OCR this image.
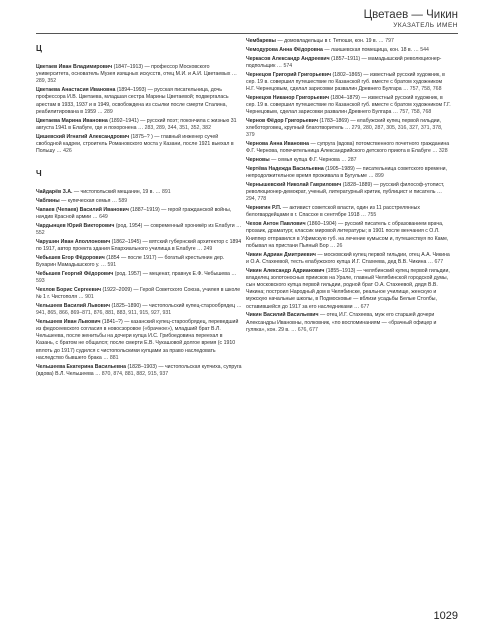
Цветаев — Чикин
УКАЗАТЕЛЬ ИМЕН

Ц

Цветаев Иван Владимирович (1847–1913) — профессор Московского университета, основатель Музея изящных искусств, отец М.И. и А.И. Цветаевых … 289, 352

Цветаева Анастасия Ивановна (1894–1993) — русская писательница, дочь профессора И.В. Цветаева, младшая сестра Марины Цветаевой; подвергалась арестам в 1933, 1937 и в 1949, освобождена из ссылки после смерти Сталина, реабилитирована в 1959 … 289

Цветаева Марина Ивановна (1892–1941) — русский поэт; покончила с жизнью 31 августа 1941 в Елабуге, где и похоронена … 283, 289, 344, 351, 352, 382

Цишевский Игнатий Александрович (1875–? ) — главный инженер сучей свободной кадреи, строитель Романовского моста у Казани, после 1921 выехал в Польшу … 426

Ч

Чайдарёв З.А. — чистопольский мещанин, 19 в. … 891

Чаблины — купеческая семья … 589

Чапаев (Чепаев) Василий Иванович (1887–1919) — герой гражданской войны, начдив Красной армии … 649

Чардынцев Юрий Викторович (род. 1954) — современный хроникёр из Елабуги … 552

Чарушин Иван Аполлонович (1862–1945) — вятский губернский архитектор с 1894 по 1917, автор проекта здания Епархиального училища в Елабуге … 249

Чебышев Егор Фёдорович (1854 — после 1917) — богатый крестьянин дер. Бухарин Мамадышского у. … 591

Чебышев Георгий Фёдорович (род. 1957) — меценат, правнук Е.Ф. Чебышева … 593

Чехлов Борис Сергеевич (1922–2009) — Герой Советского Союза, училея в школе № 1 г. Чистополя … 901

Чельшеев Василий Львович (1825–1890) — чистопольский купец-старообрядец … 941, 865, 866, 869–871, 876, 881, 883, 911, 915, 927, 931

Чельшеев Иван Львович (1841–?) — казанский купец-старообрядец, переведший из федосеевского согласия в новосзоровое («брачное»), младший брат В.Л. Чельшеева, после женитьбы на дочери купца И.С. Грибоедовина переехал в Казань, с братом не общался; после смерти Е.В. Чукашовой долгое время (с 1910 вплоть до 1917) судился с чистопольскими купцами за право наследовать наследство бывшего брака … 881

Чельшеева Екатерина Васильевна (1828–1903) — чистопольская купчиха, супруга (вдова) В.Л. Чельшеева … 870, 874, 881, 882, 915, 937

Чембаревы — домовладельцы в г. Тетюши, кон. 19 в. … 797

Чемодурова Анна Фёдоровна — лаишевская помещица, кон. 18 в. … 544

Черкасов Александр Андреевич (1857–1911) — мамадышский революционер-подпольщик … 574

Чернецов Григорий Григорьевич (1802–1865) — известный русский художник, в сер. 19 в. совершил путешествие по Казанской губ. вместе с братом художником Н.Г. Чернецовым, сделал зарисовки развалин Древнего Булгара … 757, 758, 768

Чернецов Никанор Григорьевич (1804–1879) — известный русский художник, в сер. 19 в. совершил путешествие по Казанской губ. вместе с братом художником Г.Г. Чернецовым, сделал зарисовки развалин Древнего Булгара … 757, 758, 768

Чернов Фёдор Григорьевич (1783–1869) — елабужский купец первой гильдии, хлеботорговец, крупный благотворитель … 279, 280, 287, 305, 316, 327, 371, 378, 379

Чернова Анна Ивановна — супруга (вдова) потомственного почетного гражданина Ф.Г. Чернова, попечительница Александрийского детского приюта в Елабуге … 328

Черновы — семья купца Ф.Г. Чернова … 287

Чертёва Надежда Васильевна (1905–1989) — писательница советского времени, непродолжительное время проживала в Бугульме … 899

Чернышевский Николай Гаврилович (1828–1889) — русский философ-утопист, революционер-демократ, ученый, литературный критик, публицист и писатель … 294, 778

Чернигин Р.П. — активист советской власти, один из 11 расстрелянных белогвардейцами в г. Спасске в сентябре 1918 … 755

Чехов Антон Павлович (1860–1904) — русский писатель с образованием врача, прозаик, драматург, классик мировой литературы; в 1901 после венчания с О.Л. Книппер отправился в Уфимскую губ. на лечение кумысом и, путешествуя по Каме, побывал на пристани Пьяный Бор … 26

Чикин Адриан Дмитриевич — московский купец первой гильдии, отец А.А. Чикина и О.А. Стахеевой, тесть елабужского купца И.Г. Стахеева, дед В.В. Чикина … 677

Чикин Александр Адрианович (1855–1913) — челябинский купец первой гильдии, владелец золотоносных приисков на Урале, главный Челябинской городской думы, сын московского купца первой гильдии, родной брат О.А. Стахеевой, дядя В.В. Чикина; построил Народный дом в Челябинске, реальное училище, женскую и мужскую начальные школы, в Подмосковье — вблизи усадьбы Белые Столбы, оставившейся до 1917 за его наследниками … 677

Чикин Василий Васильевич — отец И.Г. Стахеева, муж его старшей дочери Александры Ивановны, полковник, «по воспоминаниям — «брачный офицер и гуляка», кон. 29 в. … 676, 677

1029
